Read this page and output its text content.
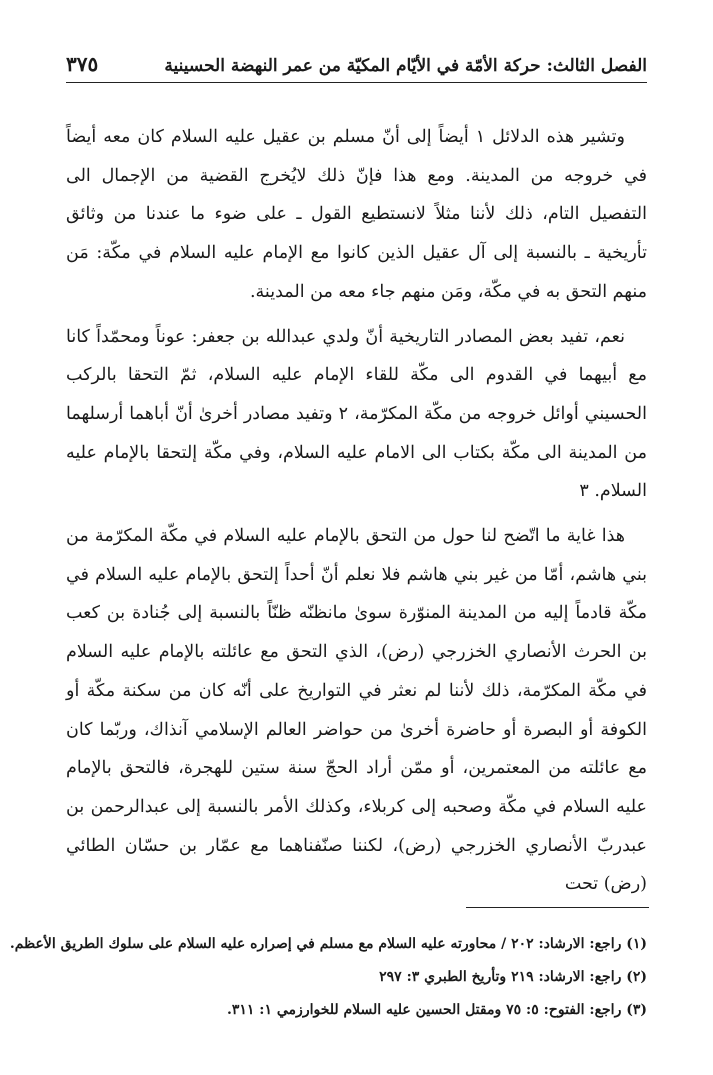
الفصل الثالث: حركة الأمّة في الأيّام المكيّة من عمر النهضة الحسينية
٣٧٥

وتشير هذه الدلائل ١ أيضاً إلى أنّ مسلم بن عقيل عليه السلام كان معه أيضاً في خروجه من المدينة. ومع هذا فإنّ ذلك لايُخرج القضية من الإجمال الى التفصيل التام، ذلك لأننا مثلاً لانستطيع القول ـ على ضوء ما عندنا من وثائق تأريخية ـ بالنسبة إلى آل عقيل الذين كانوا مع الإمام عليه السلام في مكّة: مَن منهم التحق به في مكّة، ومَن منهم جاء معه من المدينة.

نعم، تفيد بعض المصادر التاريخية أنّ ولدي عبدالله بن جعفر: عوناً ومحمّداً كانا مع أبيهما في القدوم الى مكّة للقاء الإمام عليه السلام، ثمّ التحقا بالركب الحسيني أوائل خروجه من مكّة المكرّمة، ٢ وتفيد مصادر أخرىٰ أنّ أباهما أرسلهما من المدينة الى مكّة بكتاب الى الامام عليه السلام، وفي مكّة إلتحقا بالإمام عليه السلام. ٣

هذا غاية ما اتّضح لنا حول من التحق بالإمام عليه السلام في مكّة المكرّمة من بني هاشم، أمّا من غير بني هاشم فلا نعلم أنّ أحداً إلتحق بالإمام عليه السلام في مكّة قادماً إليه من المدينة المنوّرة سوىٰ مانظنّه ظنّاً بالنسبة إلى جُنادة بن كعب بن الحرث الأنصاري الخزرجي (رض)، الذي التحق مع عائلته بالإمام عليه السلام في مكّة المكرّمة، ذلك لأننا لم نعثر في التواريخ على أنّه كان من سكنة مكّة أو الكوفة أو البصرة أو حاضرة أخرىٰ من حواضر العالم الإسلامي آنذاك، وربّما كان مع عائلته من المعتمرين، أو ممّن أراد الحجّ سنة ستين للهجرة، فالتحق بالإمام عليه السلام في مكّة وصحبه إلى كربلاء، وكذلك الأمر بالنسبة إلى عبدالرحمن بن عبدربّ الأنصاري الخزرجي (رض)، لكننا صنّفناهما مع عمّار بن حسّان الطائي (رض) تحت

(١) راجع: الارشاد: ٢٠٢ / محاورته عليه السلام مع مسلم في إصراره عليه السلام على سلوك الطريق الأعظم.

(٢) راجع: الارشاد: ٢١٩ وتأريخ الطبري ٣: ٢٩٧

(٣) راجع: الفتوح: ٥: ٧٥ ومقتل الحسين عليه السلام للخوارزمي ١: ٣١١.
